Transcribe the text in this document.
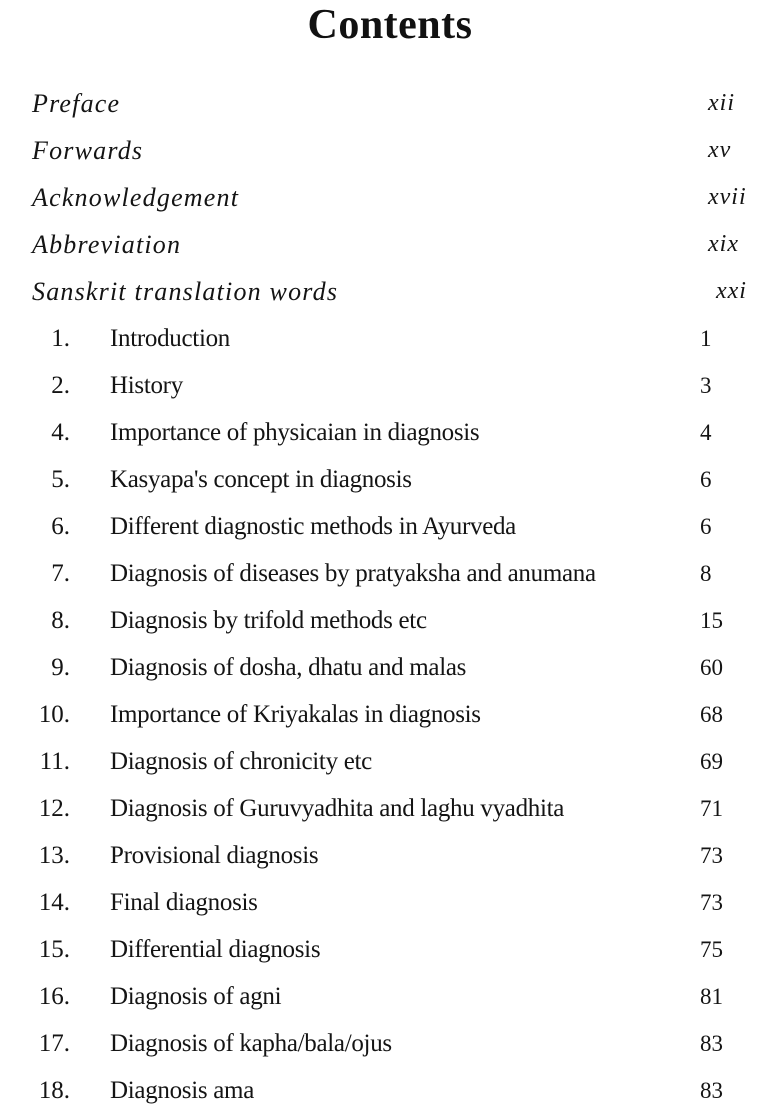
Contents
Preface	xii
Forwards	xv
Acknowledgement	xvii
Abbreviation	xix
Sanskrit translation words	xxi
1. Introduction	1
2. History	3
4. Importance of physicaian in diagnosis	4
5. Kasyapa's concept in diagnosis	6
6. Different diagnostic methods in Ayurveda	6
7. Diagnosis of diseases by pratyaksha and anumana	8
8. Diagnosis by trifold methods etc	15
9. Diagnosis of dosha, dhatu and malas	60
10. Importance of Kriyakalas in diagnosis	68
11. Diagnosis of chronicity etc	69
12. Diagnosis of Guruvyadhita and laghu vyadhita	71
13. Provisional diagnosis	73
14. Final diagnosis	73
15. Differential diagnosis	75
16. Diagnosis of agni	81
17. Diagnosis of kapha/bala/ojus	83
18. Diagnosis ama	83
